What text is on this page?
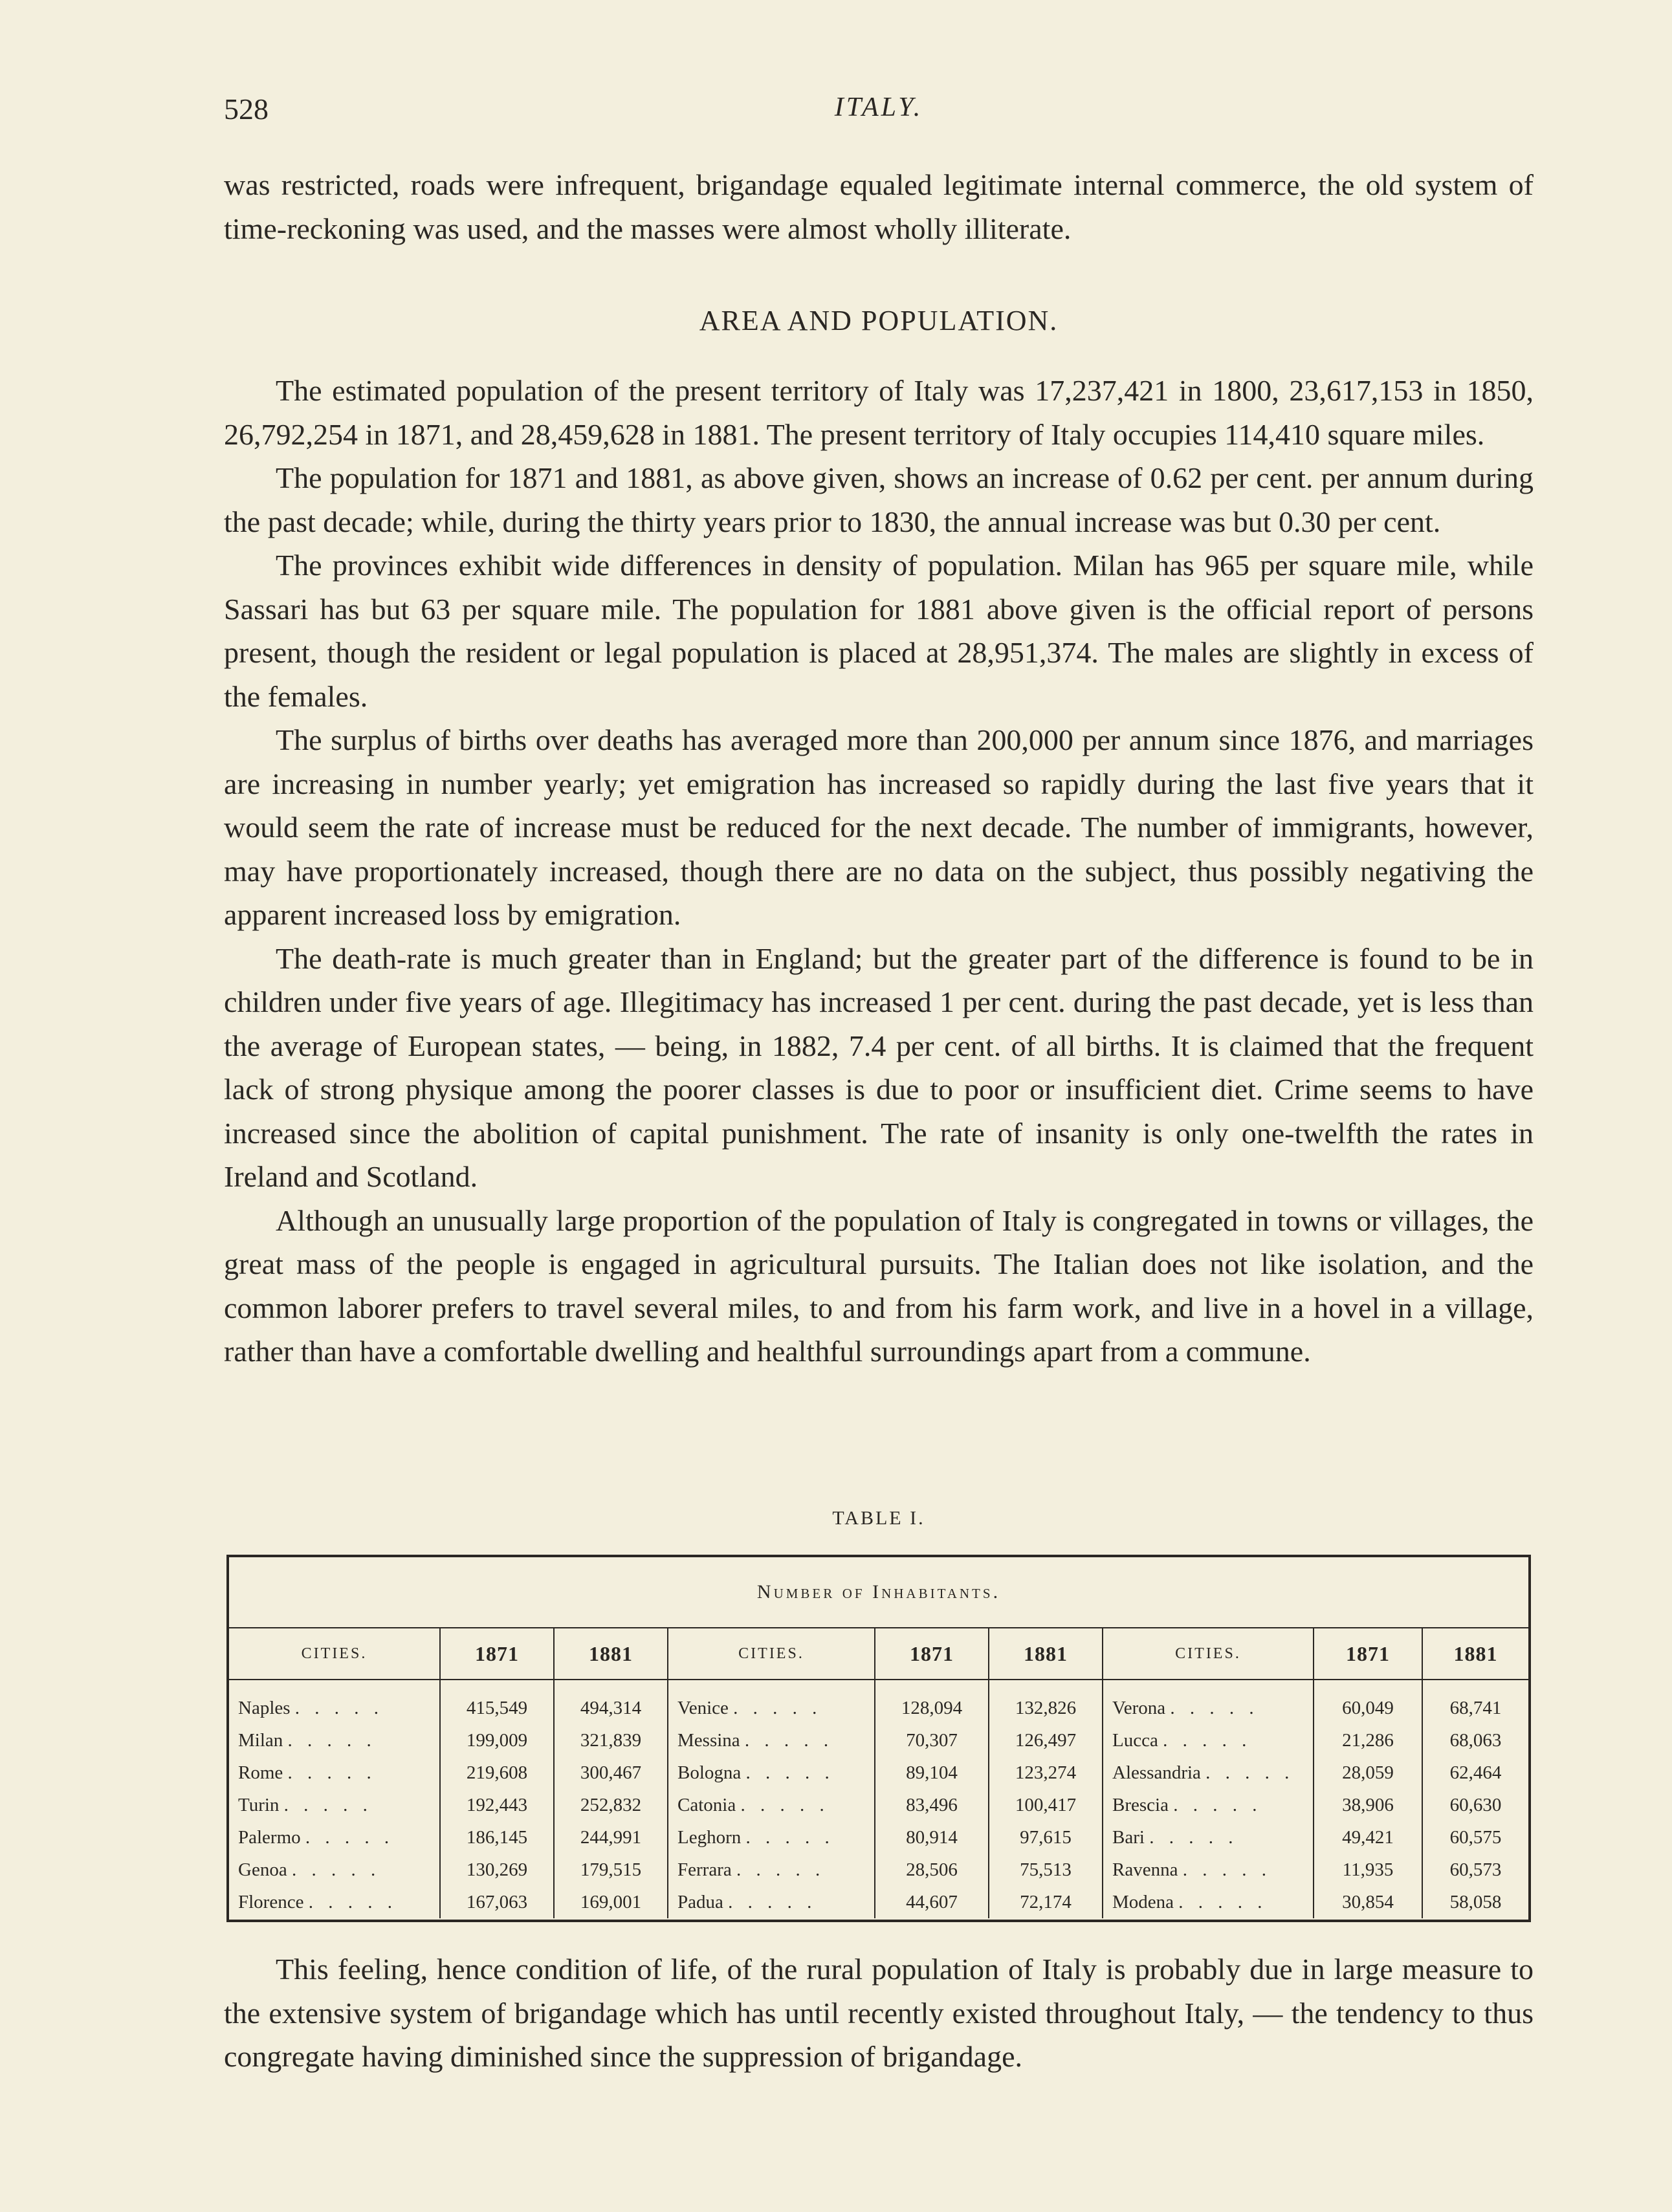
528	ITALY.

was restricted, roads were infrequent, brigandage equaled legitimate internal commerce, the old system of time-reckoning was used, and the masses were almost wholly illiterate.

AREA AND POPULATION.

The estimated population of the present territory of Italy was 17,237,421 in 1800, 23,617,153 in 1850, 26,792,254 in 1871, and 28,459,628 in 1881. The present territory of Italy occupies 114,410 square miles.

The population for 1871 and 1881, as above given, shows an increase of 0.62 per cent. per annum during the past decade; while, during the thirty years prior to 1830, the annual increase was but 0.30 per cent.

The provinces exhibit wide differences in density of population. Milan has 965 per square mile, while Sassari has but 63 per square mile. The population for 1881 above given is the official report of persons present, though the resident or legal population is placed at 28,951,374. The males are slightly in excess of the females.

The surplus of births over deaths has averaged more than 200,000 per annum since 1876, and marriages are increasing in number yearly; yet emigration has increased so rapidly during the last five years that it would seem the rate of increase must be reduced for the next decade. The number of immigrants, however, may have proportionately increased, though there are no data on the subject, thus possibly negativing the apparent increased loss by emigration.

The death-rate is much greater than in England; but the greater part of the difference is found to be in children under five years of age. Illegitimacy has increased 1 per cent. during the past decade, yet is less than the average of European states, — being, in 1882, 7.4 per cent. of all births. It is claimed that the frequent lack of strong physique among the poorer classes is due to poor or insufficient diet. Crime seems to have increased since the abolition of capital punishment. The rate of insanity is only one-twelfth the rates in Ireland and Scotland.

Although an unusually large proportion of the population of Italy is congregated in towns or villages, the great mass of the people is engaged in agricultural pursuits. The Italian does not like isolation, and the common laborer prefers to travel several miles, to and from his farm work, and live in a hovel in a village, rather than have a comfortable dwelling and healthful surroundings apart from a commune.

TABLE I.
Number of Inhabitants.
CITIES.	1871	1881	CITIES.	1871	1881	CITIES.	1871	1881
Naples . . . . .	415,549	494,314	Venice . . . . .	128,094	132,826	Verona . . . . .	60,049	68,741
Milan . . . . .	199,009	321,839	Messina . . . . .	70,307	126,497	Lucca . . . . .	21,286	68,063
Rome . . . . .	219,608	300,467	Bologna . . . . .	89,104	123,274	Alessandria . . . . .	28,059	62,464
Turin . . . . .	192,443	252,832	Catonia . . . . .	83,496	100,417	Brescia . . . . .	38,906	60,630
Palermo . . . . .	186,145	244,991	Leghorn . . . . .	80,914	97,615	Bari . . . . .	49,421	60,575
Genoa . . . . .	130,269	179,515	Ferrara . . . . .	28,506	75,513	Ravenna . . . . .	11,935	60,573
Florence . . . . .	167,063	169,001	Padua . . . . .	44,607	72,174	Modena . . . . .	30,854	58,058

This feeling, hence condition of life, of the rural population of Italy is probably due in large measure to the extensive system of brigandage which has until recently existed throughout Italy, — the tendency to thus congregate having diminished since the suppression of brigandage.
